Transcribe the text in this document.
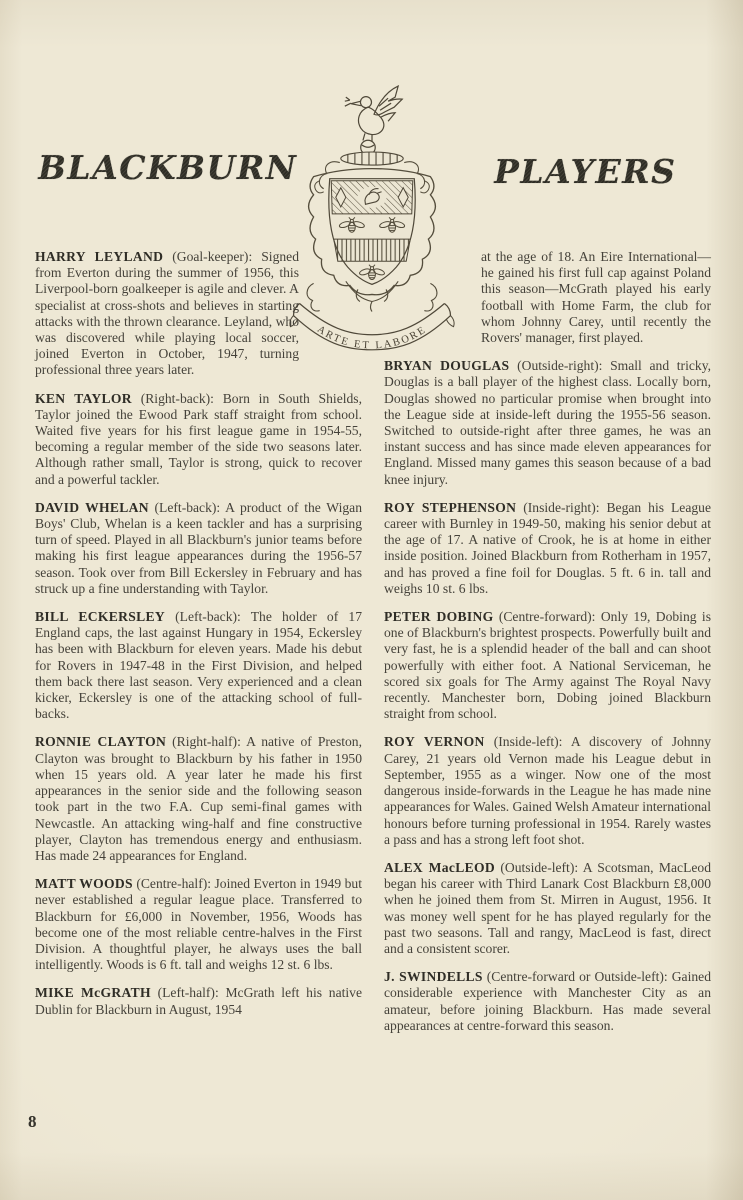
BLACKBURN	PLAYERS
ARTE ET LABORE

HARRY LEYLAND (Goal-keeper): Signed from Everton during the summer of 1956, this Liverpool-born goalkeeper is agile and clever. A specialist at cross-shots and believes in starting attacks with the thrown clearance. Leyland, who was discovered while playing local soccer, joined Everton in October, 1947, turning professional three years later.

KEN TAYLOR (Right-back): Born in South Shields, Taylor joined the Ewood Park staff straight from school. Waited five years for his first league game in 1954-55, becoming a regular member of the side two seasons later. Although rather small, Taylor is strong, quick to recover and a powerful tackler.

DAVID WHELAN (Left-back): A product of the Wigan Boys' Club, Whelan is a keen tackler and has a surprising turn of speed. Played in all Blackburn's junior teams before making his first league appearances during the 1956-57 season. Took over from Bill Eckersley in February and has struck up a fine understanding with Taylor.

BILL ECKERSLEY (Left-back): The holder of 17 England caps, the last against Hungary in 1954, Eckersley has been with Blackburn for eleven years. Made his debut for Rovers in 1947-48 in the First Division, and helped them back there last season. Very experienced and a clean kicker, Eckersley is one of the attacking school of full-backs.

RONNIE CLAYTON (Right-half): A native of Preston, Clayton was brought to Blackburn by his father in 1950 when 15 years old. A year later he made his first appearances in the senior side and the following season took part in the two F.A. Cup semi-final games with Newcastle. An attacking wing-half and fine constructive player, Clayton has tremendous energy and enthusiasm. Has made 24 appearances for England.

MATT WOODS (Centre-half): Joined Everton in 1949 but never established a regular league place. Transferred to Blackburn for £6,000 in November, 1956, Woods has become one of the most reliable centre-halves in the First Division. A thoughtful player, he always uses the ball intelligently. Woods is 6 ft. tall and weighs 12 st. 6 lbs.

MIKE McGRATH (Left-half): McGrath left his native Dublin for Blackburn in August, 1954

at the age of 18. An Eire International—he gained his first full cap against Poland this season—McGrath played his early football with Home Farm, the club for whom Johnny Carey, until recently the Rovers' manager, first played.

BRYAN DOUGLAS (Outside-right): Small and tricky, Douglas is a ball player of the highest class. Locally born, Douglas showed no particular promise when brought into the League side at inside-left during the 1955-56 season. Switched to outside-right after three games, he was an instant success and has since made eleven appearances for England. Missed many games this season because of a bad knee injury.

ROY STEPHENSON (Inside-right): Began his League career with Burnley in 1949-50, making his senior debut at the age of 17. A native of Crook, he is at home in either inside position. Joined Blackburn from Rotherham in 1957, and has proved a fine foil for Douglas. 5 ft. 6 in. tall and weighs 10 st. 6 lbs.

PETER DOBING (Centre-forward): Only 19, Dobing is one of Blackburn's brightest prospects. Powerfully built and very fast, he is a splendid header of the ball and can shoot powerfully with either foot. A National Serviceman, he scored six goals for The Army against The Royal Navy recently. Manchester born, Dobing joined Blackburn straight from school.

ROY VERNON (Inside-left): A discovery of Johnny Carey, 21 years old Vernon made his League debut in September, 1955 as a winger. Now one of the most dangerous inside-forwards in the League he has made nine appearances for Wales. Gained Welsh Amateur international honours before turning professional in 1954. Rarely wastes a pass and has a strong left foot shot.

ALEX MacLEOD (Outside-left): A Scotsman, MacLeod began his career with Third Lanark Cost Blackburn £8,000 when he joined them from St. Mirren in August, 1956. It was money well spent for he has played regularly for the past two seasons. Tall and rangy, MacLeod is fast, direct and a consistent scorer.

J. SWINDELLS (Centre-forward or Outside-left): Gained considerable experience with Manchester City as an amateur, before joining Blackburn. Has made several appearances at centre-forward this season.

8
